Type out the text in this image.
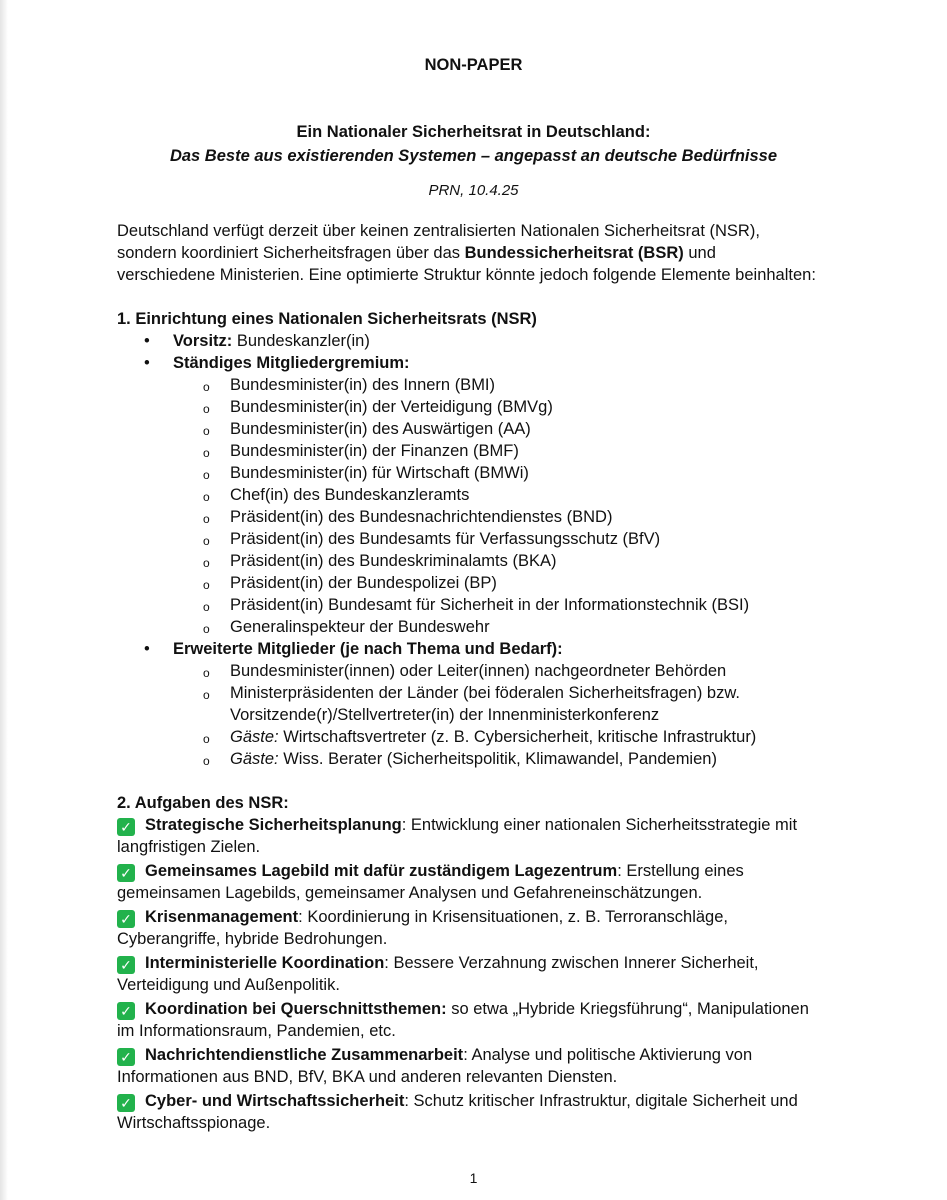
NON-PAPER
Ein Nationaler Sicherheitsrat in Deutschland:
Das Beste aus existierenden Systemen – angepasst an deutsche Bedürfnisse
PRN, 10.4.25

Deutschland verfügt derzeit über keinen zentralisierten Nationalen Sicherheitsrat (NSR), sondern koordiniert Sicherheitsfragen über das Bundessicherheitsrat (BSR) und verschiedene Ministerien. Eine optimierte Struktur könnte jedoch folgende Elemente beinhalten:

1. Einrichtung eines Nationalen Sicherheitsrats (NSR)

• Vorsitz: Bundeskanzler(in)
• Ständiges Mitgliedergremium:
o Bundesminister(in) des Innern (BMI)
o Bundesminister(in) der Verteidigung (BMVg)
o Bundesminister(in) des Auswärtigen (AA)
o Bundesminister(in) der Finanzen (BMF)
o Bundesminister(in) für Wirtschaft (BMWi)
o Chef(in) des Bundeskanzleramts
o Präsident(in) des Bundesnachrichtendienstes (BND)
o Präsident(in) des Bundesamts für Verfassungsschutz (BfV)
o Präsident(in) des Bundeskriminalamts (BKA)
o Präsident(in) der Bundespolizei (BP)
o Präsident(in) Bundesamt für Sicherheit in der Informationstechnik (BSI)
o Generalinspekteur der Bundeswehr
• Erweiterte Mitglieder (je nach Thema und Bedarf):
o Bundesminister(innen) oder Leiter(innen) nachgeordneter Behörden
o Ministerpräsidenten der Länder (bei föderalen Sicherheitsfragen) bzw. Vorsitzende(r)/Stellvertreter(in) der Innenministerkonferenz
o Gäste: Wirtschaftsvertreter (z. B. Cybersicherheit, kritische Infrastruktur)
o Gäste: Wiss. Berater (Sicherheitspolitik, Klimawandel, Pandemien)

2. Aufgaben des NSR:

✓ Strategische Sicherheitsplanung: Entwicklung einer nationalen Sicherheitsstrategie mit langfristigen Zielen.

✓ Gemeinsames Lagebild mit dafür zuständigem Lagezentrum: Erstellung eines gemeinsamen Lagebilds, gemeinsamer Analysen und Gefahreneinschätzungen.

✓ Krisenmanagement: Koordinierung in Krisensituationen, z. B. Terroranschläge, Cyberangriffe, hybride Bedrohungen.

✓ Interministerielle Koordination: Bessere Verzahnung zwischen Innerer Sicherheit, Verteidigung und Außenpolitik.

✓ Koordination bei Querschnittsthemen: so etwa „Hybride Kriegsführung“, Manipulationen im Informationsraum, Pandemien, etc.

✓ Nachrichtendienstliche Zusammenarbeit: Analyse und politische Aktivierung von Informationen aus BND, BfV, BKA und anderen relevanten Diensten.

✓ Cyber- und Wirtschaftssicherheit: Schutz kritischer Infrastruktur, digitale Sicherheit und Wirtschaftsspionage.

1
